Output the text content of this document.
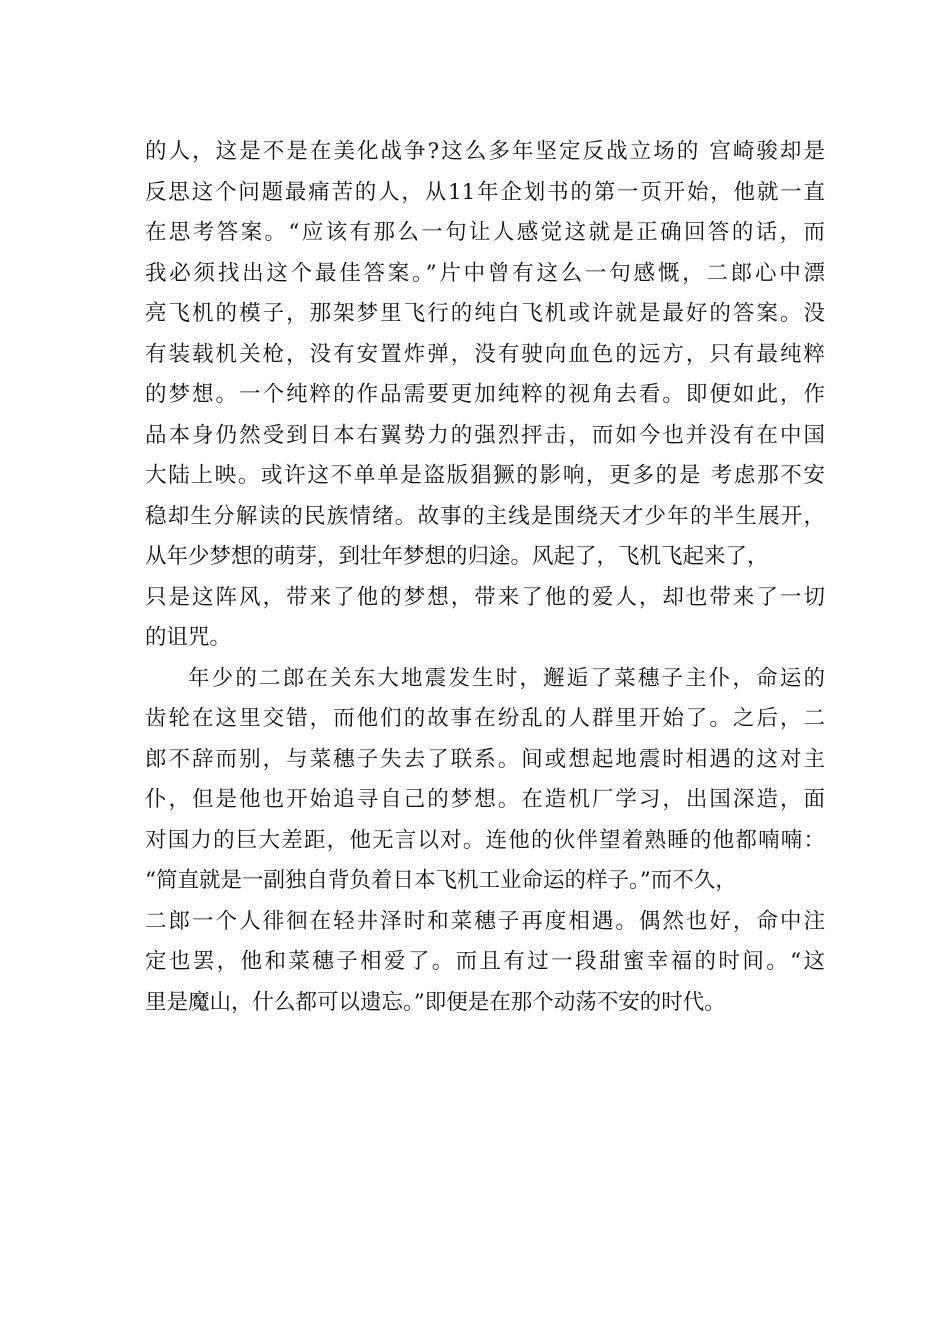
的人，这是不是在美化战争?这么多年坚定反战立场的 宫崎骏却是
反思这个问题最痛苦的人，从11年企划书的第一页开始，他就一直
在思考答案。“应该有那么一句让人感觉这就是正确回答的话，而
我必须找出这个最佳答案。”片中曾有这么一句感慨，二郎心中漂
亮飞机的模子，那架梦里飞行的纯白飞机或许就是最好的答案。没
有装载机关枪，没有安置炸弹，没有驶向血色的远方，只有最纯粹
的梦想。一个纯粹的作品需要更加纯粹的视角去看。即便如此，作
品本身仍然受到日本右翼势力的强烈抨击，而如今也并没有在中国
大陆上映。或许这不单单是盗版猖獗的影响，更多的是 考虑那不安
稳却生分解读的民族情绪。故事的主线是围绕天才少年的半生展开，
从年少梦想的萌芽，到壮年梦想的归途。风起了，飞机飞起来了，
只是这阵风，带来了他的梦想，带来了他的爱人，却也带来了一切
的诅咒。
年少的二郎在关东大地震发生时，邂逅了菜穗子主仆，命运的
齿轮在这里交错，而他们的故事在纷乱的人群里开始了。之后，二
郎不辞而别，与菜穗子失去了联系。间或想起地震时相遇的这对主
仆，但是他也开始追寻自己的梦想。在造机厂学习，出国深造，面
对国力的巨大差距，他无言以对。连他的伙伴望着熟睡的他都喃喃：
“简直就是一副独自背负着日本飞机工业命运的样子。”而不久，
二郎一个人徘徊在轻井泽时和菜穗子再度相遇。偶然也好，命中注
定也罢，他和菜穗子相爱了。而且有过一段甜蜜幸福的时间。“这
里是魔山，什么都可以遗忘。”即便是在那个动荡不安的时代。
